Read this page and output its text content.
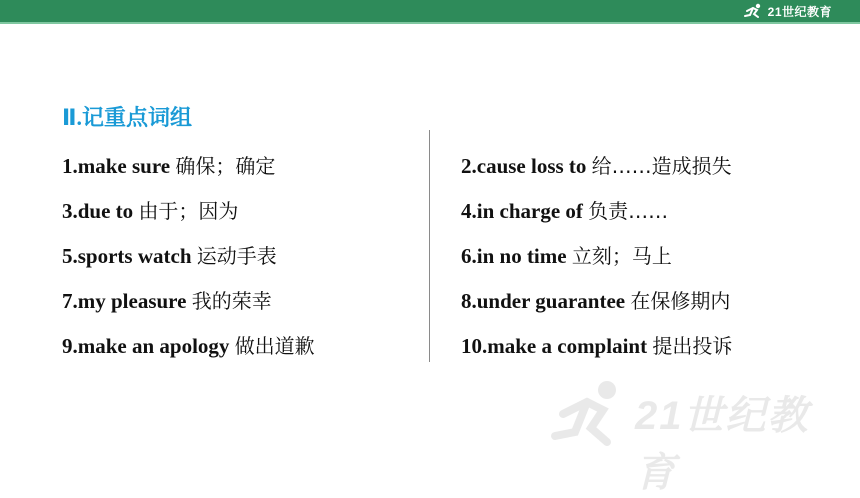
21世纪教育
Ⅱ.记重点词组
1.make sure 确保；确定	2.cause loss to 给……造成损失
3.due to 由于；因为	4.in charge of 负责……
5.sports watch 运动手表	6.in no time 立刻；马上
7.my pleasure 我的荣幸	8.under guarantee 在保修期内
9.make an apology 做出道歉	10.make a complaint 提出投诉
21世纪教育
